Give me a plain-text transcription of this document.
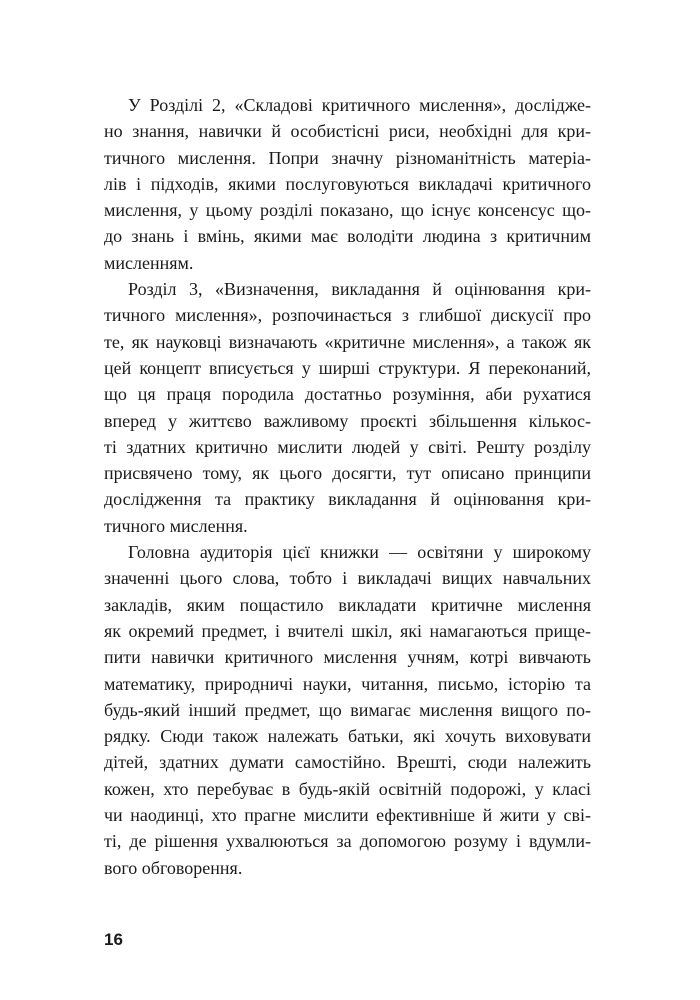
У Розділі 2, «Складові критичного мислення», дослідже-
но знання, навички й особистісні риси, необхідні для кри-
тичного мислення. Попри значну різноманітність матеріа-
лів і підходів, якими послуговуються викладачі критичного
мислення, у цьому розділі показано, що існує консенсус що-
до знань і вмінь, якими має володіти людина з критичним
мисленням.

Розділ 3, «Визначення, викладання й оцінювання кри-
тичного мислення», розпочинається з глибшої дискусії про
те, як науковці визначають «критичне мислення», а також як
цей концепт вписується у ширші структури. Я переконаний,
що ця праця породила достатньо розуміння, аби рухатися
вперед у життєво важливому проєкті збільшення кількос-
ті здатних критично мислити людей у світі. Решту розділу
присвячено тому, як цього досягти, тут описано принципи
дослідження та практику викладання й оцінювання кри-
тичного мислення.

Головна аудиторія цієї книжки — освітяни у широкому
значенні цього слова, тобто і викладачі вищих навчальних
закладів, яким пощастило викладати критичне мислення
як окремий предмет, і вчителі шкіл, які намагаються прище-
пити навички критичного мислення учням, котрі вивчають
математику, природничі науки, читання, письмо, історію та
будь-який інший предмет, що вимагає мислення вищого по-
рядку. Сюди також належать батьки, які хочуть виховувати
дітей, здатних думати самостійно. Врешті, сюди належить
кожен, хто перебуває в будь-якій освітній подорожі, у класі
чи наодинці, хто прагне мислити ефективніше й жити у сві-
ті, де рішення ухвалюються за допомогою розуму і вдумли-
вого обговорення.

16
